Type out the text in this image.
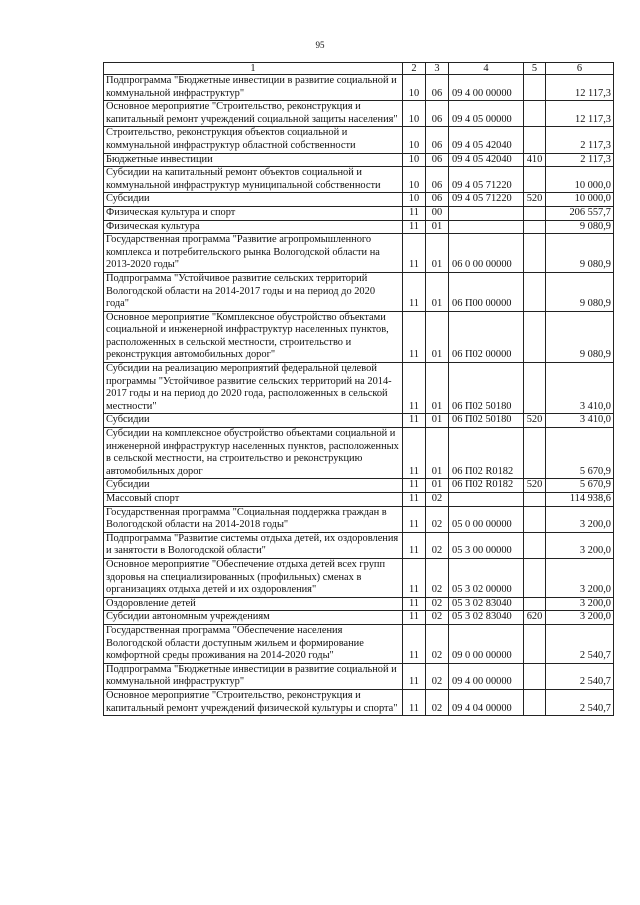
95
1	2	3	4	5	6
Подпрограмма "Бюджетные инвестиции в развитие социальной и коммунальной инфраструктур"	10	06	09 4 00 00000		12 117,3
Основное мероприятие "Строительство, реконструкция и капитальный ремонт учреждений социальной защиты населения"	10	06	09 4 05 00000		12 117,3
Строительство, реконструкция объектов социальной и коммунальной инфраструктур областной собственности	10	06	09 4 05 42040		2 117,3
Бюджетные инвестиции	10	06	09 4 05 42040	410	2 117,3
Субсидии на капитальный ремонт объектов социальной и коммунальной инфраструктур муниципальной собственности	10	06	09 4 05 71220		10 000,0
Субсидии	10	06	09 4 05 71220	520	10 000,0
Физическая культура и спорт	11	00			206 557,7
Физическая культура	11	01			9 080,9
Государственная программа "Развитие агропромышленного комплекса и потребительского рынка Вологодской области на 2013-2020 годы"	11	01	06 0 00 00000		9 080,9
Подпрограмма "Устойчивое развитие сельских территорий Вологодской области на 2014-2017 годы и на период до 2020 года"	11	01	06 П00 00000		9 080,9
Основное мероприятие "Комплексное обустройство объектами социальной и инженерной инфраструктур населенных пунктов, расположенных в сельской местности, строительство и реконструкция автомобильных дорог"	11	01	06 П02 00000		9 080,9
Субсидии на реализацию мероприятий федеральной целевой программы "Устойчивое развитие сельских территорий на 2014-2017 годы и на период до 2020 года, расположенных в сельской местности"	11	01	06 П02 50180		3 410,0
Субсидии	11	01	06 П02 50180	520	3 410,0
Субсидии на комплексное обустройство объектами социальной и инженерной инфраструктур населенных пунктов, расположенных в сельской местности, на строительство и реконструкцию автомобильных дорог	11	01	06 П02 R0182		5 670,9
Субсидии	11	01	06 П02 R0182	520	5 670,9
Массовый спорт	11	02			114 938,6
Государственная программа "Социальная поддержка граждан в Вологодской области на 2014-2018 годы"	11	02	05 0 00 00000		3 200,0
Подпрограмма "Развитие системы отдыха детей, их оздоровления и занятости в Вологодской области"	11	02	05 3 00 00000		3 200,0
Основное мероприятие "Обеспечение отдыха детей всех групп здоровья на специализированных (профильных) сменах в организациях отдыха детей и их оздоровления"	11	02	05 3 02 00000		3 200,0
Оздоровление детей	11	02	05 3 02 83040		3 200,0
Субсидии автономным учреждениям	11	02	05 3 02 83040	620	3 200,0
Государственная программа "Обеспечение населения Вологодской области доступным жильем и формирование комфортной среды проживания на 2014-2020 годы"	11	02	09 0 00 00000		2 540,7
Подпрограмма "Бюджетные инвестиции в развитие социальной и коммунальной инфраструктур"	11	02	09 4 00 00000		2 540,7
Основное мероприятие "Строительство, реконструкция и капитальный ремонт учреждений физической культуры и спорта"	11	02	09 4 04 00000		2 540,7
